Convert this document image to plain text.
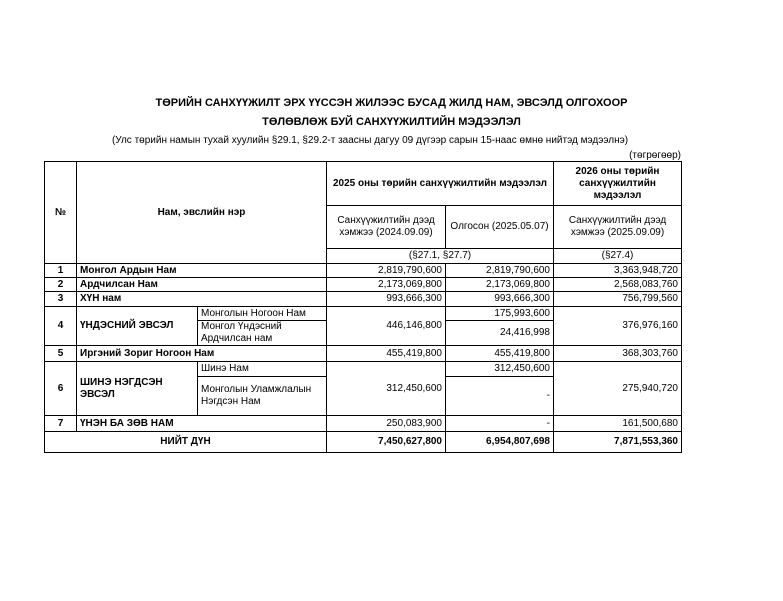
ТӨРИЙН САНХҮҮЖИЛТ ЭРХ ҮҮССЭН ЖИЛЭЭС БУСАД ЖИЛД НАМ, ЭВСЭЛД ОЛГОХООР
ТӨЛӨВЛӨЖ БУЙ САНХҮҮЖИЛТИЙН МЭДЭЭЛЭЛ
(Улс төрийн намын тухай хуулийн §29.1, §29.2-т заасны дагуу 09 дүгээр сарын 15-наас өмнө нийтэд мэдээлнэ)
(төгрөгөөр)
№	Нам, эвслийн нэр		2025 оны төрийн санхүүжилтийн мэдээлэл		2026 оны төрийн санхүүжилтийн мэдээлэл
			Санхүүжилтийн дээд хэмжээ (2024.09.09)	Олгосон (2025.05.07)	Санхүүжилтийн дээд хэмжээ (2025.09.09)
			(§27.1, §27.7)		(§27.4)
1	Монгол Ардын Нам		2,819,790,600	2,819,790,600	3,363,948,720
2	Ардчилсан Нам		2,173,069,800	2,173,069,800	2,568,083,760
3	ХҮН нам		993,666,300	993,666,300	756,799,560
4	ҮНДЭСНИЙ ЭВСЭЛ	Монголын Ногоон Нам	446,146,800	175,993,600	376,976,160
		Монгол Үндэсний Ардчилсан нам		24,416,998	
5	Иргэний Зориг Ногоон Нам		455,419,800	455,419,800	368,303,760
6	ШИНЭ НЭГДСЭН ЭВСЭЛ	Шинэ Нам	312,450,600	312,450,600	275,940,720
		Монголын Уламжлалын Нэгдсэн Нам		-	
7	ҮНЭН БА ЗӨВ НАМ		250,083,900	-	161,500,680
НИЙТ ДҮН			7,450,627,800	6,954,807,698	7,871,553,360
